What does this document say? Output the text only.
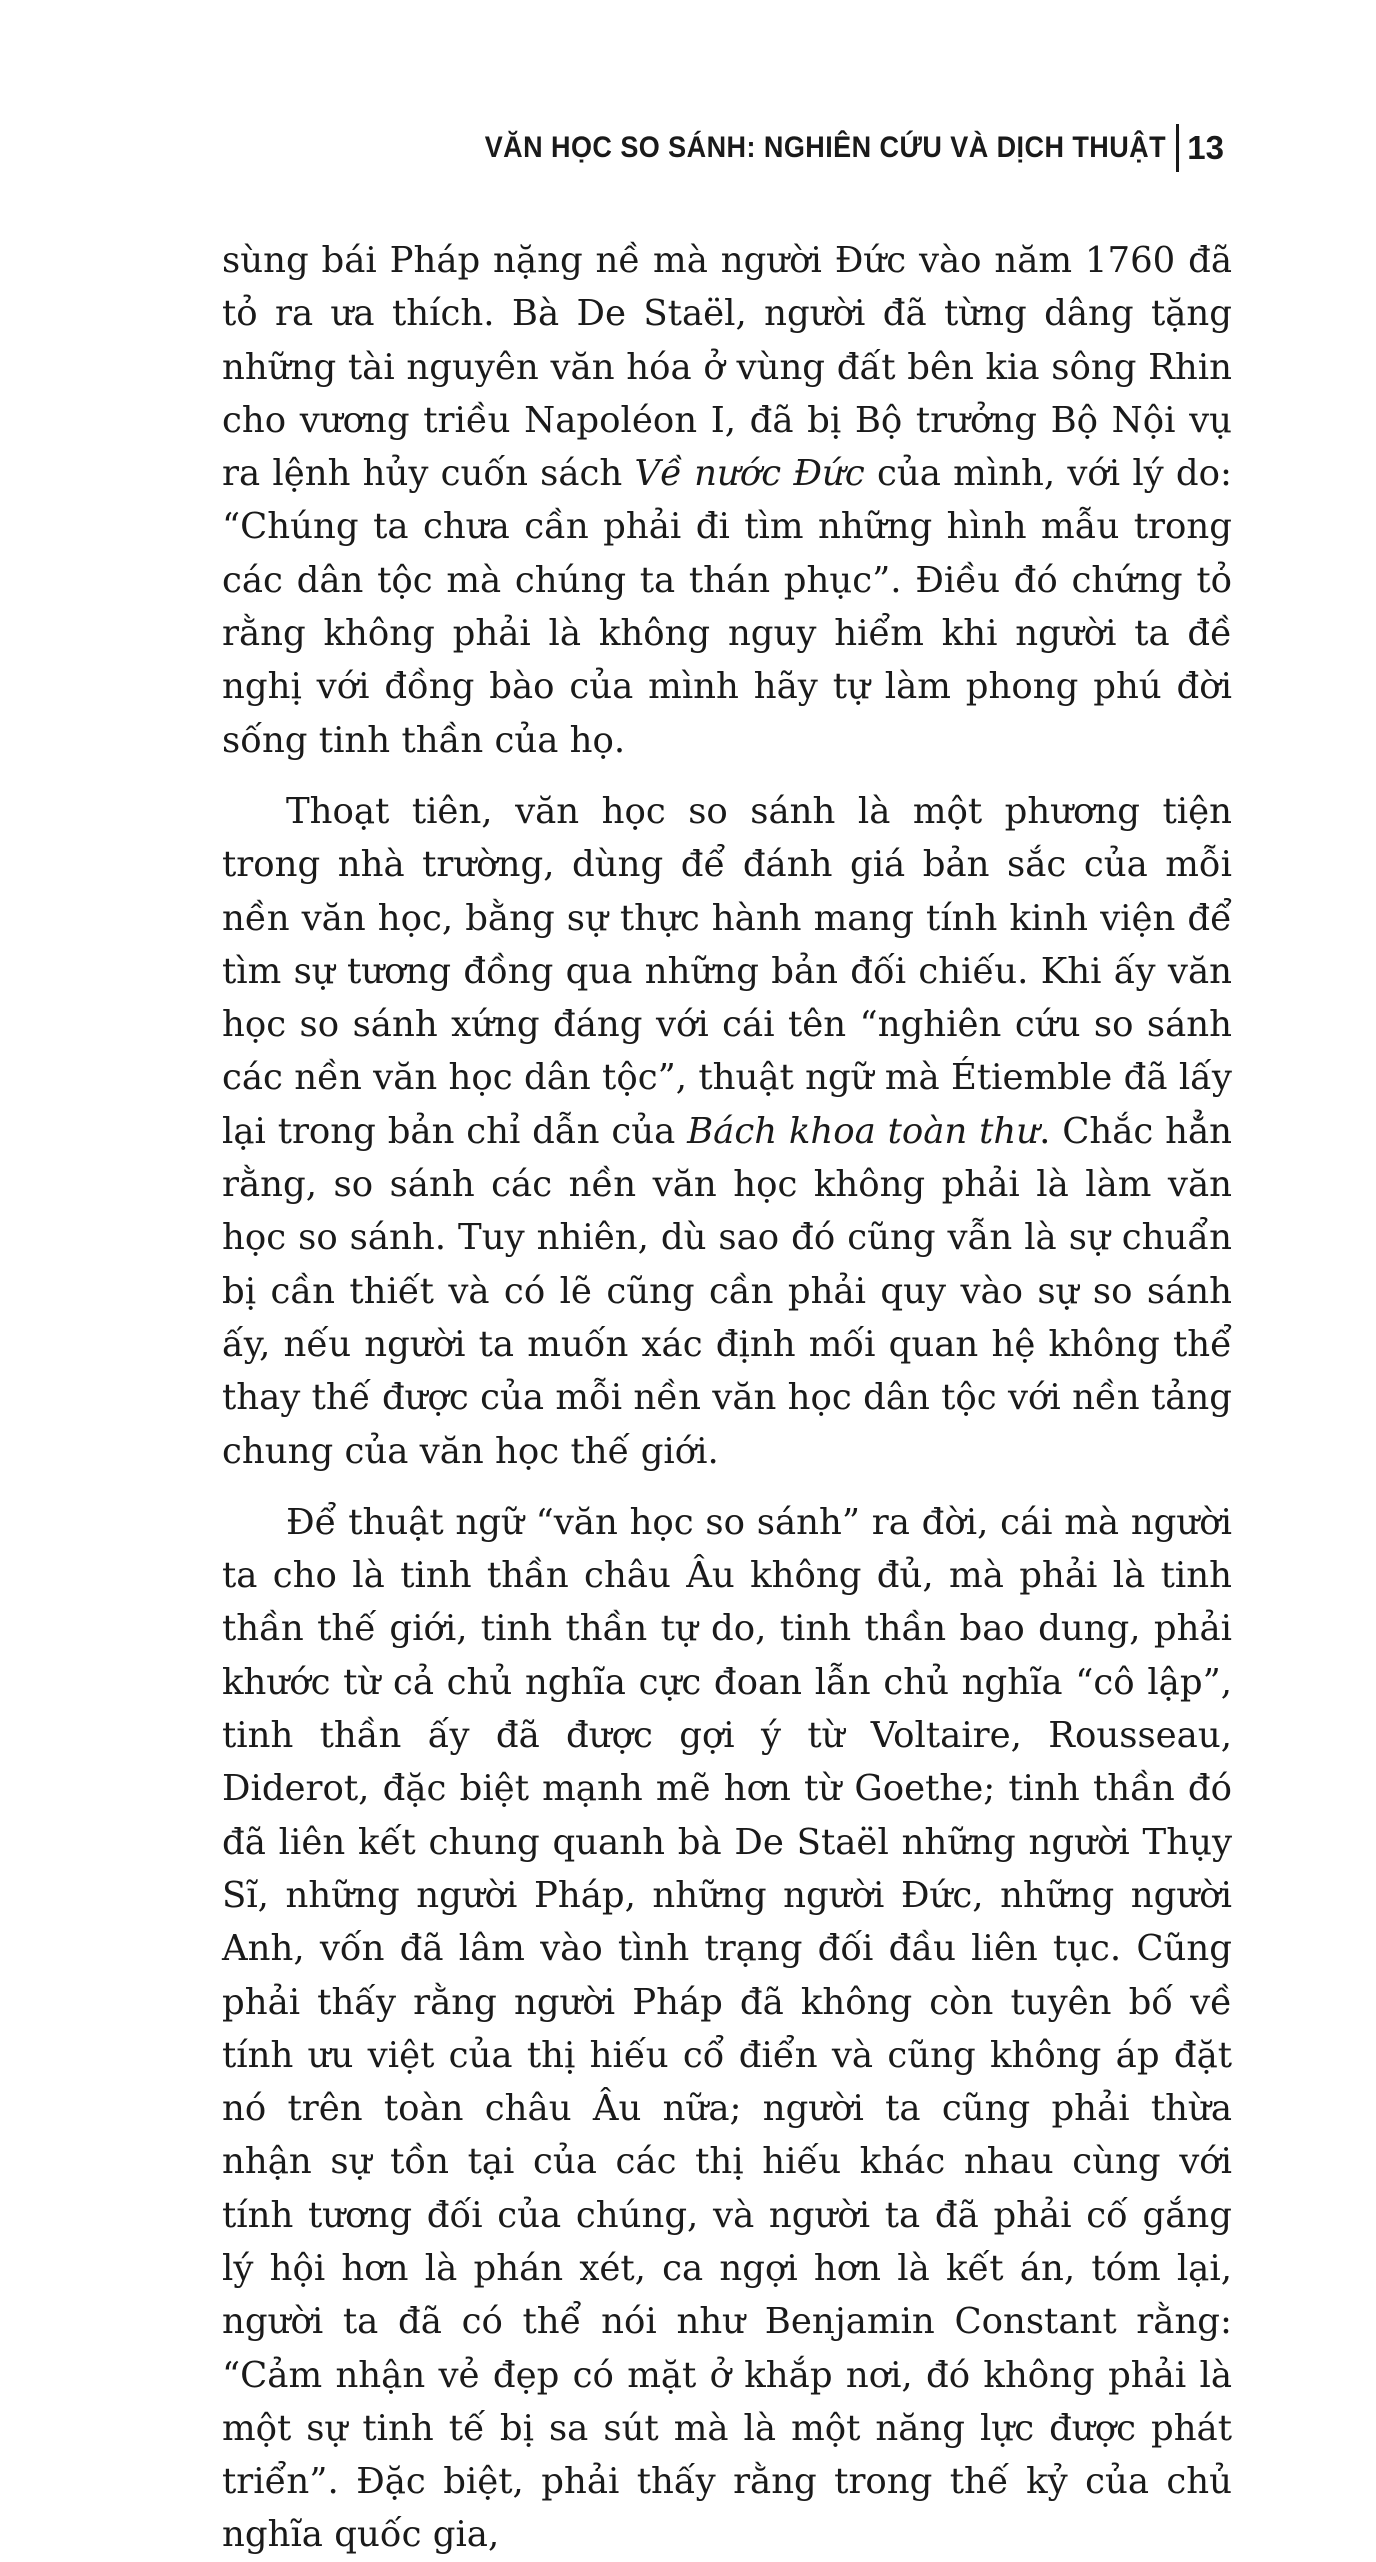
VĂN HỌC SO SÁNH: NGHIÊN CỨU VÀ DỊCH THUẬT 13

sùng bái Pháp nặng nề mà người Đức vào năm 1760 đã tỏ ra ưa thích. Bà De Staël, người đã từng dâng tặng những tài nguyên văn hóa ở vùng đất bên kia sông Rhin cho vương triều Napoléon I, đã bị Bộ trưởng Bộ Nội vụ ra lệnh hủy cuốn sách Về nước Đức của mình, với lý do: “Chúng ta chưa cần phải đi tìm những hình mẫu trong các dân tộc mà chúng ta thán phục”. Điều đó chứng tỏ rằng không phải là không nguy hiểm khi người ta đề nghị với đồng bào của mình hãy tự làm phong phú đời sống tinh thần của họ.

Thoạt tiên, văn học so sánh là một phương tiện trong nhà trường, dùng để đánh giá bản sắc của mỗi nền văn học, bằng sự thực hành mang tính kinh viện để tìm sự tương đồng qua những bản đối chiếu. Khi ấy văn học so sánh xứng đáng với cái tên “nghiên cứu so sánh các nền văn học dân tộc”, thuật ngữ mà Étiemble đã lấy lại trong bản chỉ dẫn của Bách khoa toàn thư. Chắc hẳn rằng, so sánh các nền văn học không phải là làm văn học so sánh. Tuy nhiên, dù sao đó cũng vẫn là sự chuẩn bị cần thiết và có lẽ cũng cần phải quy vào sự so sánh ấy, nếu người ta muốn xác định mối quan hệ không thể thay thế được của mỗi nền văn học dân tộc với nền tảng chung của văn học thế giới.

Để thuật ngữ “văn học so sánh” ra đời, cái mà người ta cho là tinh thần châu Âu không đủ, mà phải là tinh thần thế giới, tinh thần tự do, tinh thần bao dung, phải khước từ cả chủ nghĩa cực đoan lẫn chủ nghĩa “cô lập”, tinh thần ấy đã được gợi ý từ Voltaire, Rousseau, Diderot, đặc biệt mạnh mẽ hơn từ Goethe; tinh thần đó đã liên kết chung quanh bà De Staël những người Thụy Sĩ, những người Pháp, những người Đức, những người Anh, vốn đã lâm vào tình trạng đối đầu liên tục. Cũng phải thấy rằng người Pháp đã không còn tuyên bố về tính ưu việt của thị hiếu cổ điển và cũng không áp đặt nó trên toàn châu Âu nữa; người ta cũng phải thừa nhận sự tồn tại của các thị hiếu khác nhau cùng với tính tương đối của chúng, và người ta đã phải cố gắng lý hội hơn là phán xét, ca ngợi hơn là kết án, tóm lại, người ta đã có thể nói như Benjamin Constant rằng: “Cảm nhận vẻ đẹp có mặt ở khắp nơi, đó không phải là một sự tinh tế bị sa sút mà là một năng lực được phát triển”. Đặc biệt, phải thấy rằng trong thế kỷ của chủ nghĩa quốc gia,
